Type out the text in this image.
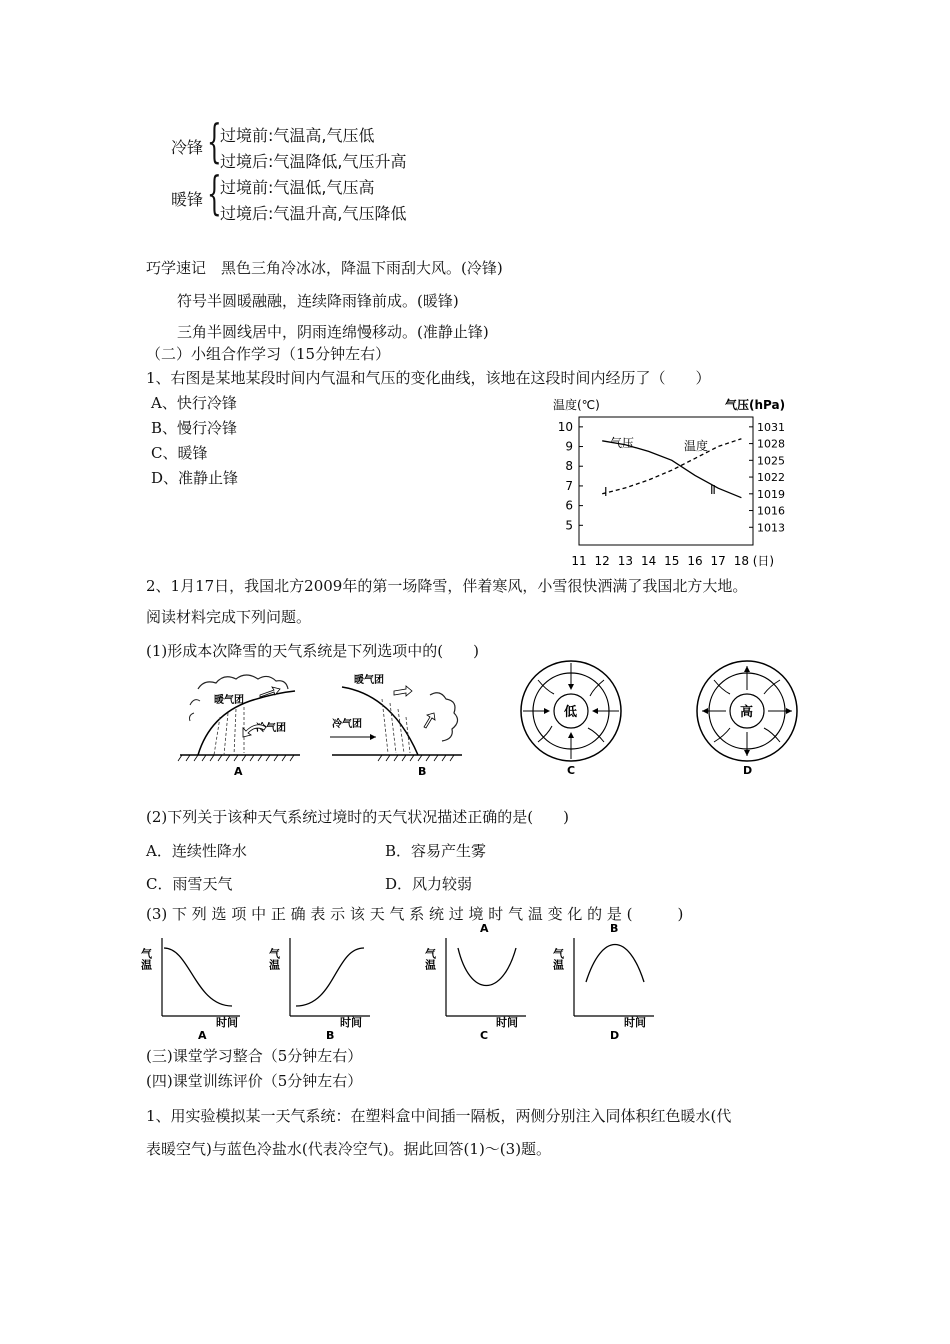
冷锋 {
过境前:气温高,气压低
过境后:气温降低,气压升高
暖锋 {
过境前:气温低,气压高
过境后:气温升高,气压降低
巧学速记　黑色三角冷冰冰，降温下雨刮大风。(冷锋)
符号半圆暖融融，连续降雨锋前成。(暖锋)
三角半圆线居中，阴雨连绵慢移动。(准静止锋)
（二）小组合作学习（15分钟左右）
1、右图是某地某段时间内气温和气压的变化曲线，该地在这段时间内经历了（　　）
A、快行冷锋
B、慢行冷锋
C、暖锋
D、准静止锋
温度(℃)	气压(hPa)
10
9
8
7
6
5
1031
1028
1025
1022
1019
1016
1013
11 12 13 14 15 16 17 18 (日)
Ⅰ	Ⅱ
气压	温度
2、1月17日，我国北方2009年的第一场降雪，伴着寒风，小雪很快洒满了我国北方大地。
阅读材料完成下列问题。
(1)形成本次降雪的天气系统是下列选项中的(　　)
暖气团
冷气团
A
暖气团
冷气团
B
低
C
高
D
(2)下列关于该种天气系统过境时的天气状况描述正确的是(　　)
A．连续性降水	B．容易产生雾
C．雨雪天气	D．风力较弱
(3) 下 列 选 项 中 正 确 表 示 该 天 气 系 统 过 境 时 气 温 变 化 的 是 (　　　)
气温
时间
A
气温
时间
B
A
气温
时间
C
B
气温
时间
D
(三)课堂学习整合（5分钟左右）
(四)课堂训练评价（5分钟左右）
1、用实验模拟某一天气系统：在塑料盒中间插一隔板，两侧分别注入同体积红色暖水(代
表暖空气)与蓝色冷盐水(代表冷空气)。据此回答(1)～(3)题。
